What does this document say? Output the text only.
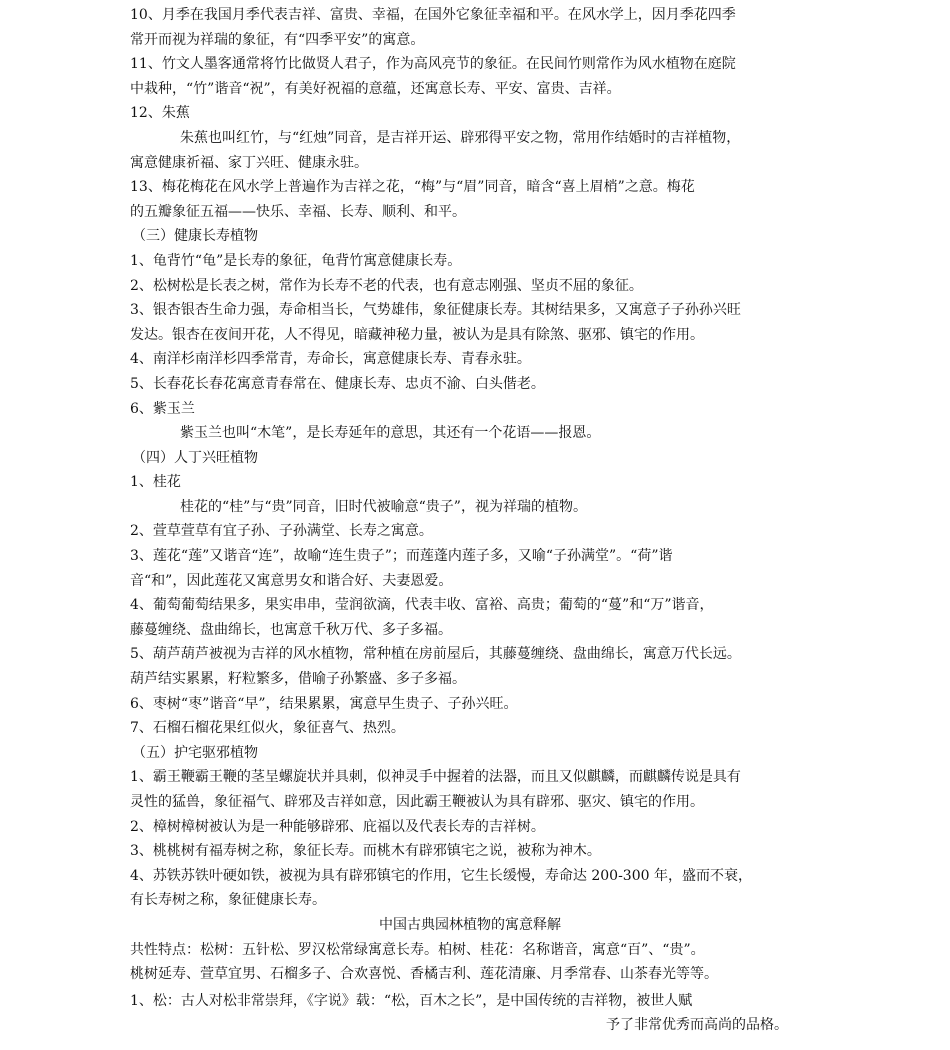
10、月季在我国月季代表吉祥、富贵、幸福，在国外它象征幸福和平。在风水学上，因月季花四季

常开而视为祥瑞的象征，有“四季平安”的寓意。

11、竹文人墨客通常将竹比做贤人君子，作为高风亮节的象征。在民间竹则常作为风水植物在庭院

中栽种，“竹”谐音“祝”，有美好祝福的意蕴，还寓意长寿、平安、富贵、吉祥。

12、朱蕉

朱蕉也叫红竹，与“红烛”同音，是吉祥开运、辟邪得平安之物，常用作结婚时的吉祥植物，

寓意健康祈福、家丁兴旺、健康永驻。

13、梅花梅花在风水学上普遍作为吉祥之花，“梅”与“眉”同音，暗含“喜上眉梢”之意。梅花

的五瓣象征五福——快乐、幸福、长寿、顺利、和平。

（三）健康长寿植物

1、龟背竹“龟”是长寿的象征，龟背竹寓意健康长寿。

2、松树松是长表之树，常作为长寿不老的代表，也有意志刚强、坚贞不屈的象征。

3、银杏银杏生命力强，寿命相当长，气势雄伟，象征健康长寿。其树结果多，又寓意子子孙孙兴旺

发达。银杏在夜间开花，人不得见，暗藏神秘力量，被认为是具有除煞、驱邪、镇宅的作用。

4、南洋杉南洋杉四季常青，寿命长，寓意健康长寿、青春永驻。

5、长春花长春花寓意青春常在、健康长寿、忠贞不渝、白头偕老。

6、紫玉兰

紫玉兰也叫“木笔”，是长寿延年的意思，其还有一个花语——报恩。

（四）人丁兴旺植物

1、桂花

桂花的“桂”与“贵”同音，旧时代被喻意“贵子”，视为祥瑞的植物。

2、萱草萱草有宜子孙、子孙满堂、长寿之寓意。

3、莲花“莲”又谐音“连”，故喻“连生贵子”；而莲蓬内莲子多，又喻“子孙满堂”。“荷”谐

音“和”，因此莲花又寓意男女和谐合好、夫妻恩爱。

4、葡萄葡萄结果多，果实串串，莹润欲滴，代表丰收、富裕、高贵；葡萄的“蔓”和“万”谐音，

藤蔓缠绕、盘曲绵长，也寓意千秋万代、多子多福。

5、葫芦葫芦被视为吉祥的风水植物，常种植在房前屋后，其藤蔓缠绕、盘曲绵长，寓意万代长远。

葫芦结实累累，籽粒繁多，借喻子孙繁盛、多子多福。

6、枣树“枣”谐音“早”，结果累累，寓意早生贵子、子孙兴旺。

7、石榴石榴花果红似火，象征喜气、热烈。

（五）护宅驱邪植物

1、霸王鞭霸王鞭的茎呈螺旋状并具刺，似神灵手中握着的法器，而且又似麒麟，而麒麟传说是具有

灵性的猛兽，象征福气、辟邪及吉祥如意，因此霸王鞭被认为具有辟邪、驱灾、镇宅的作用。

2、樟树樟树被认为是一种能够辟邪、庇福以及代表长寿的吉祥树。

3、桃桃树有福寿树之称，象征长寿。而桃木有辟邪镇宅之说，被称为神木。

4、苏铁苏铁叶硬如铁，被视为具有辟邪镇宅的作用，它生长缓慢，寿命达 200-300 年，盛而不衰，

有长寿树之称，象征健康长寿。

中国古典园林植物的寓意释解

共性特点：松树：五针松、罗汉松常绿寓意长寿。柏树、桂花：名称谐音，寓意“百”、“贵”。

桃树延寿、萱草宜男、石榴多子、合欢喜悦、香橘吉利、莲花清廉、月季常春、山茶春光等等。

1、松：古人对松非常崇拜，《字说》载：“松，百木之长”，是中国传统的吉祥物，被世人赋

予了非常优秀而高尚的品格。
